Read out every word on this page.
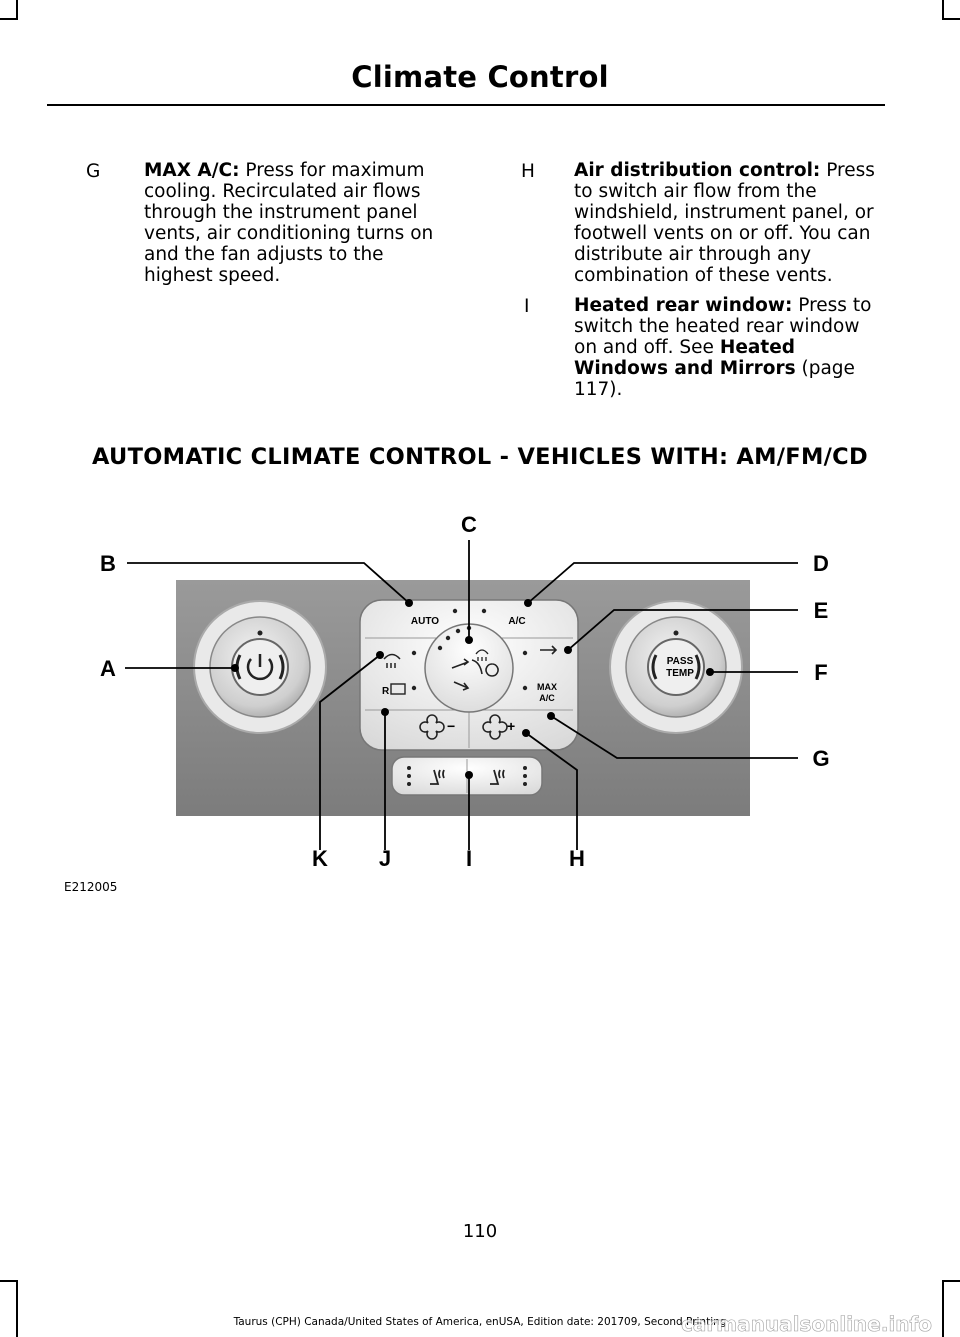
Climate Control
G MAX A/C: Press for maximum cooling. Recirculated air flows through the instrument panel vents, air conditioning turns on and the fan adjusts to the highest speed.
H Air distribution control: Press to switch air flow from the windshield, instrument panel, or footwell vents on or off. You can distribute air through any combination of these vents.
I Heated rear window: Press to switch the heated rear window on and off. See Heated Windows and Mirrors (page 117).
AUTOMATIC CLIMATE CONTROL - VEHICLES WITH: AM/FM/CD
PASS
TEMP
AUTO	A/C
MAX
A/C
R
−	+
A
B
C
D
E
F
G
H
I
J
K
E212005
110
Taurus (CPH) Canada/United States of America, enUSA, Edition date: 201709, Second Printing
carmanualsonline.info
